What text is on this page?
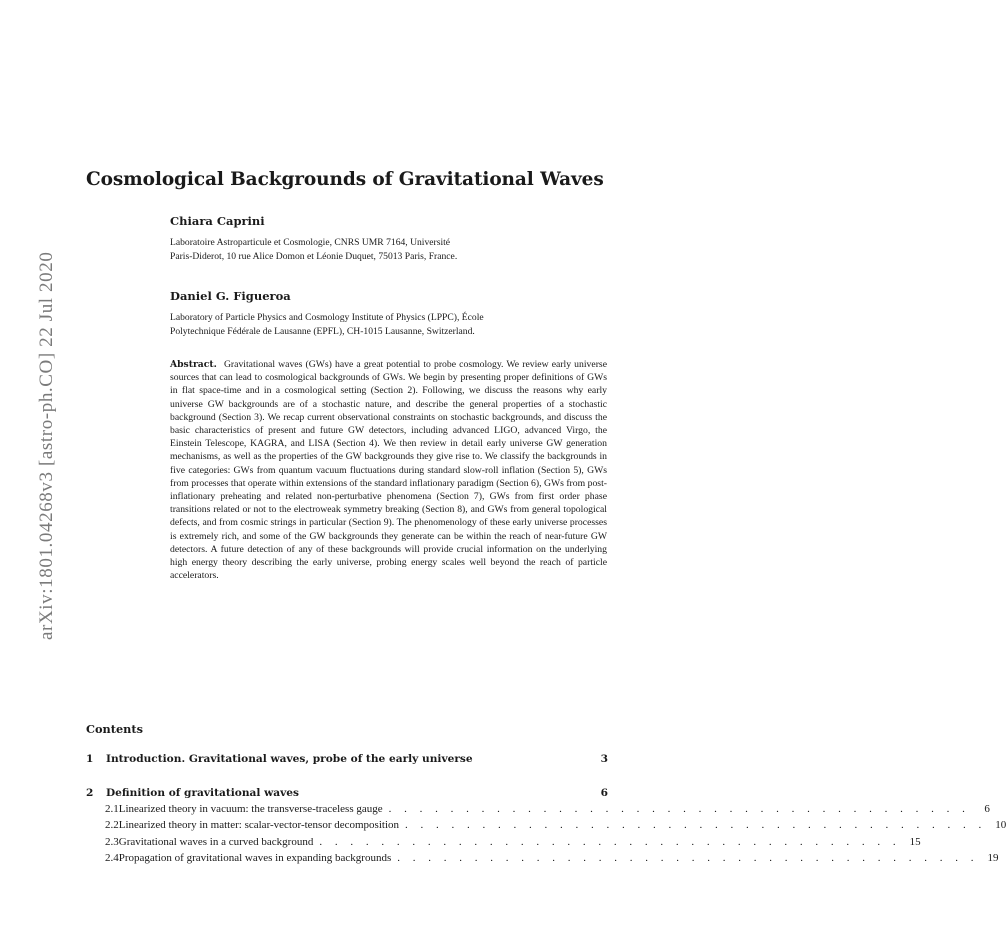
arXiv:1801.04268v3 [astro-ph.CO] 22 Jul 2020
Cosmological Backgrounds of Gravitational Waves

Chiara Caprini

Laboratoire Astroparticule et Cosmologie, CNRS UMR 7164, Université

Paris-Diderot, 10 rue Alice Domon et Léonie Duquet, 75013 Paris, France.

Daniel G. Figueroa

Laboratory of Particle Physics and Cosmology Institute of Physics (LPPC), École

Polytechnique Fédérale de Lausanne (EPFL), CH-1015 Lausanne, Switzerland.

Abstract. Gravitational waves (GWs) have a great potential to probe cosmology. We review early universe sources that can lead to cosmological backgrounds of GWs. We begin by presenting proper definitions of GWs in flat space-time and in a cosmological setting (Section 2). Following, we discuss the reasons why early universe GW backgrounds are of a stochastic nature, and describe the general properties of a stochastic background (Section 3). We recap current observational constraints on stochastic backgrounds, and discuss the basic characteristics of present and future GW detectors, including advanced LIGO, advanced Virgo, the Einstein Telescope, KAGRA, and LISA (Section 4). We then review in detail early universe GW generation mechanisms, as well as the properties of the GW backgrounds they give rise to. We classify the backgrounds in five categories: GWs from quantum vacuum fluctuations during standard slow-roll inflation (Section 5), GWs from processes that operate within extensions of the standard inflationary paradigm (Section 6), GWs from post-inflationary preheating and related non-perturbative phenomena (Section 7), GWs from first order phase transitions related or not to the electroweak symmetry breaking (Section 8), and GWs from general topological defects, and from cosmic strings in particular (Section 9). The phenomenology of these early universe processes is extremely rich, and some of the GW backgrounds they generate can be within the reach of near-future GW detectors. A future detection of any of these backgrounds will provide crucial information on the underlying high energy theory describing the early universe, probing energy scales well beyond the reach of particle accelerators.

Contents
1	Introduction. Gravitational waves, probe of the early universe	3
2	Definition of gravitational waves	6
2.1 Linearized theory in vacuum: the transverse-traceless gauge . . . . . . . . . . . . . . . . . . . . . . . . . . . . . . . . . . . . . .	6
2.2 Linearized theory in matter: scalar-vector-tensor decomposition . . . . . . . . . . . . . . . . . . . . . . . . . . . . . . . . . . . . . . 10
2.3 Gravitational waves in a curved background . . . . . . . . . . . . . . . . . . . . . . . . . . . . . . . . . . . . . . 15
2.4 Propagation of gravitational waves in expanding backgrounds . . . . . . . . . . . . . . . . . . . . . . . . . . . . . . . . . . . . . . 19
